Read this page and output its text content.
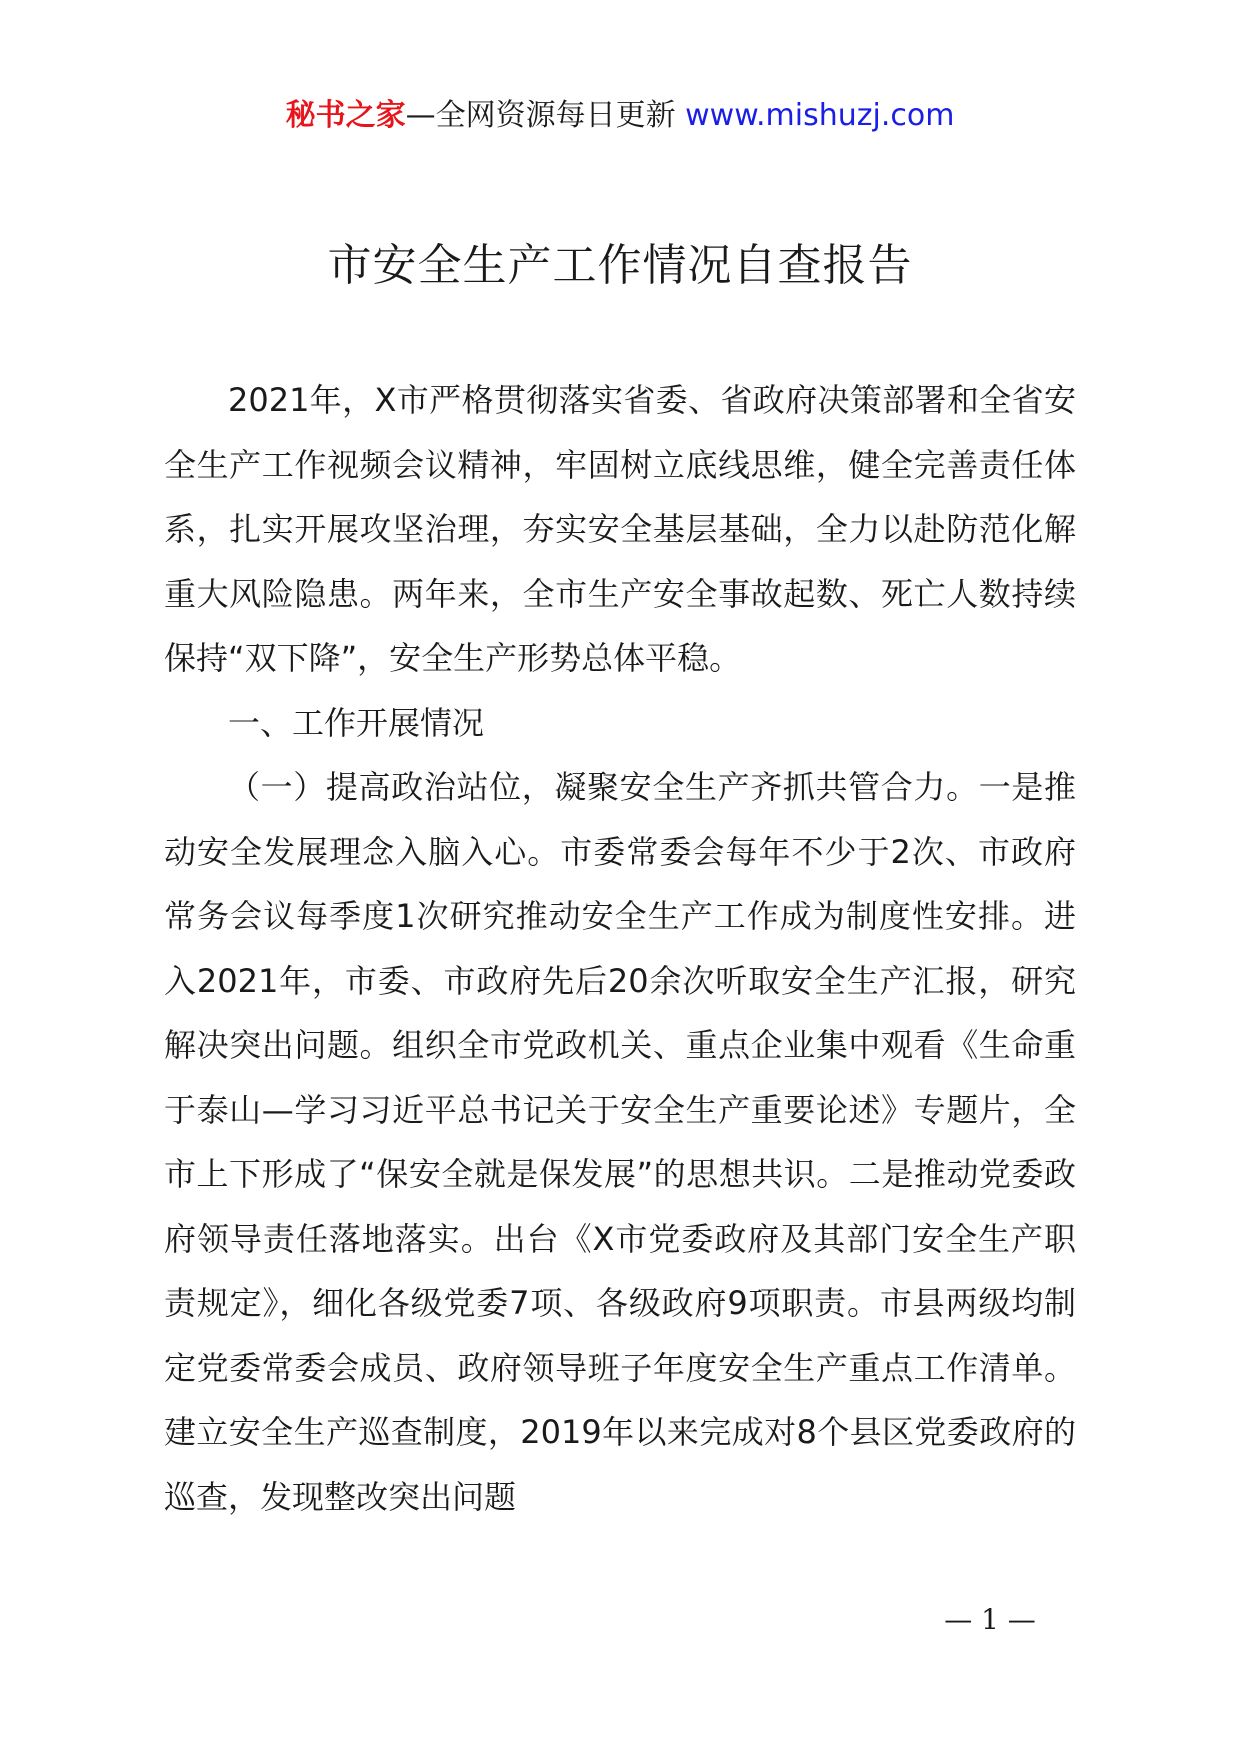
秘书之家—全网资源每日更新 www.mishuzj.com
市安全生产工作情况自查报告

2021年，X市严格贯彻落实省委、省政府决策部署和全省安全生产工作视频会议精神，牢固树立底线思维，健全完善责任体系，扎实开展攻坚治理，夯实安全基层基础，全力以赴防范化解重大风险隐患。两年来，全市生产安全事故起数、死亡人数持续保持“双下降”，安全生产形势总体平稳。

一、工作开展情况

（一）提高政治站位，凝聚安全生产齐抓共管合力。一是推动安全发展理念入脑入心。市委常委会每年不少于2次、市政府常务会议每季度1次研究推动安全生产工作成为制度性安排。进入2021年，市委、市政府先后20余次听取安全生产汇报，研究解决突出问题。组织全市党政机关、重点企业集中观看《生命重于泰山—学习习近平总书记关于安全生产重要论述》专题片，全市上下形成了“保安全就是保发展”的思想共识。二是推动党委政府领导责任落地落实。出台《X市党委政府及其部门安全生产职责规定》，细化各级党委7项、各级政府9项职责。市县两级均制定党委常委会成员、政府领导班子年度安全生产重点工作清单。建立安全生产巡查制度，2019年以来完成对8个县区党委政府的巡查，发现整改突出问题

— 1 —
